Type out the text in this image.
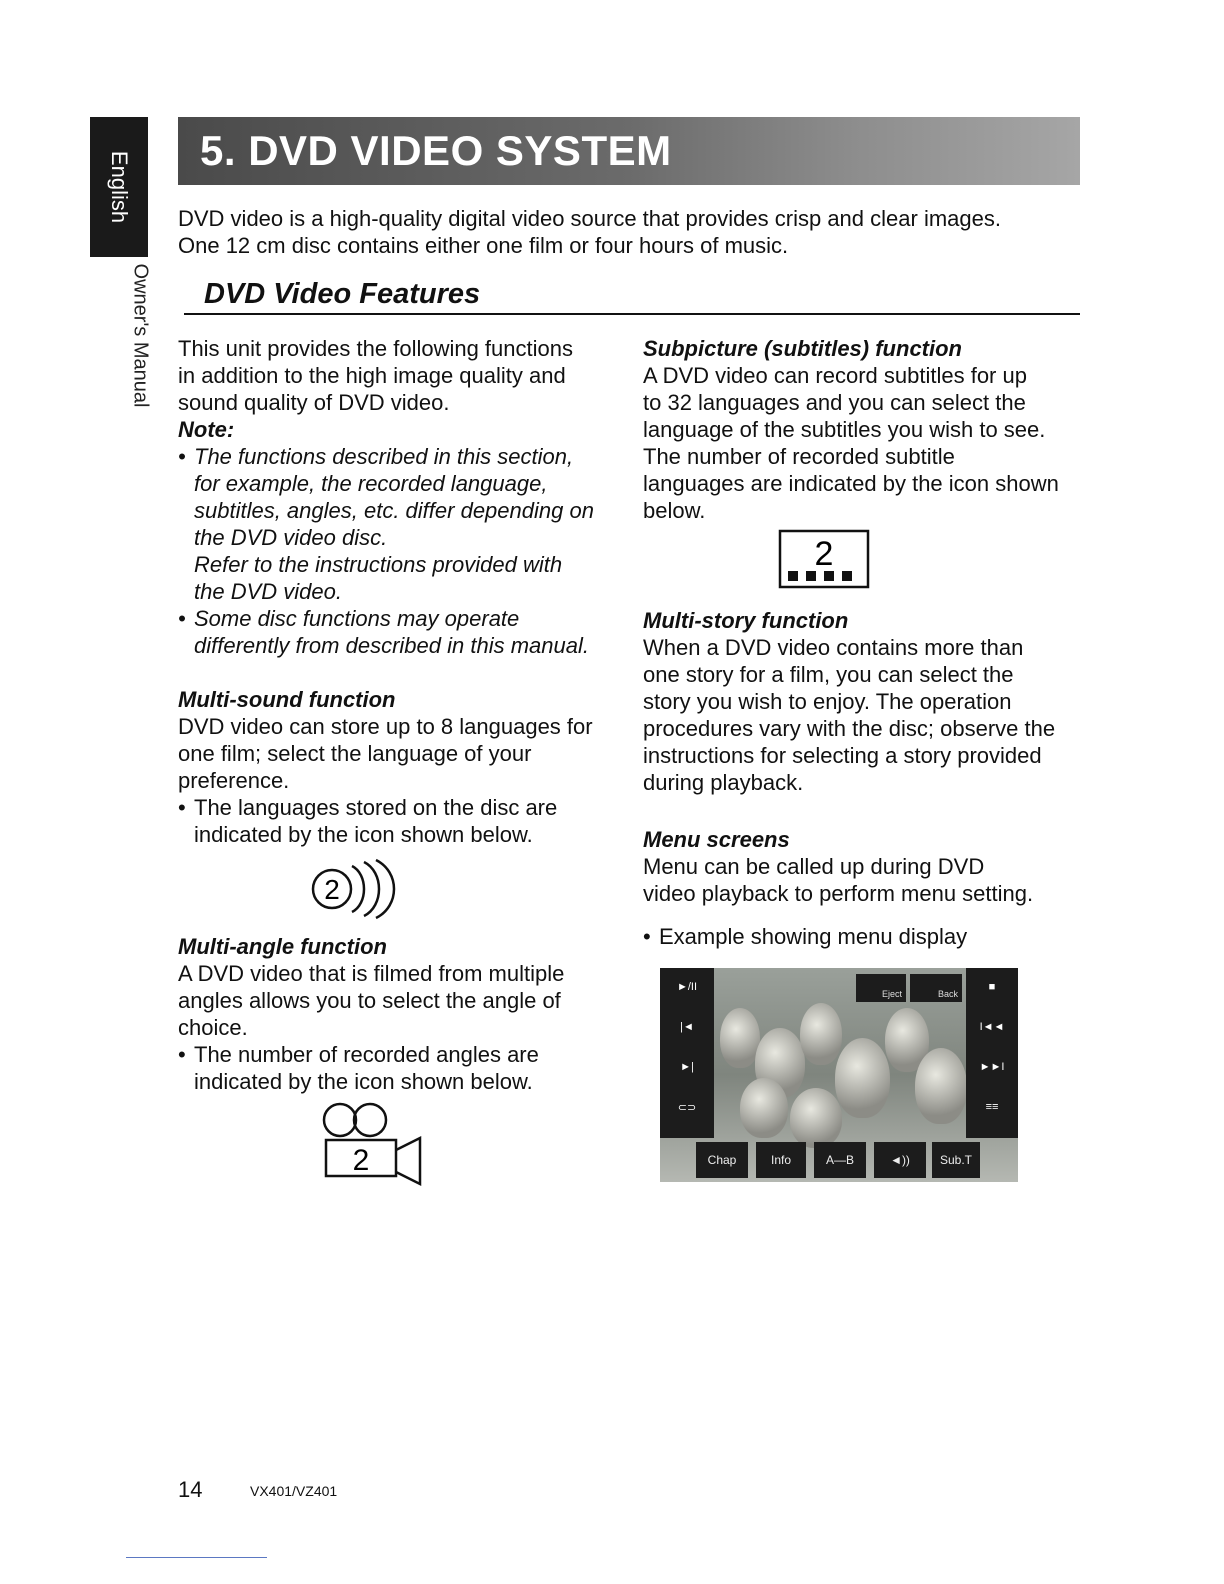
English
Owner's Manual
5. DVD VIDEO SYSTEM
DVD video is a high-quality digital video source that provides crisp and clear images.
One 12 cm disc contains either one film or four hours of music.
DVD Video Features
This unit provides the following functions
in addition to the high image quality and
sound quality of DVD video.
Note:
• The functions described in this section,
for example, the recorded language,
subtitles, angles, etc. differ depending on
the DVD video disc.
Refer to the instructions provided with
the DVD video.
• Some disc functions may operate
differently from described in this manual.
Multi-sound function
DVD video can store up to 8 languages for
one film; select the language of your
preference.
• The languages stored on the disc are
indicated by the icon shown below.
Multi-angle function
A DVD video that is filmed from multiple
angles allows you to select the angle of
choice.
• The number of recorded angles are
indicated by the icon shown below.
2
2
Subpicture (subtitles) function
A DVD video can record subtitles for up
to 32 languages and you can select the
language of the subtitles you wish to see.
The number of recorded subtitle
languages are indicated by the icon shown
below.
2
Multi-story function
When a DVD video contains more than
one story for a film, you can select the
story you wish to enjoy. The operation
procedures vary with the disc; observe the
instructions for selecting a story provided
during playback.
Menu screens
Menu can be called up during DVD
video playback to perform menu setting.
• Example showing menu display
►/II
|◄
►|
⊂⊃
■
I◄◄
►►I
≡≡
Eject	Back
Chap	Info	A—B	◄))	Sub.T
14	VX401/VZ401
